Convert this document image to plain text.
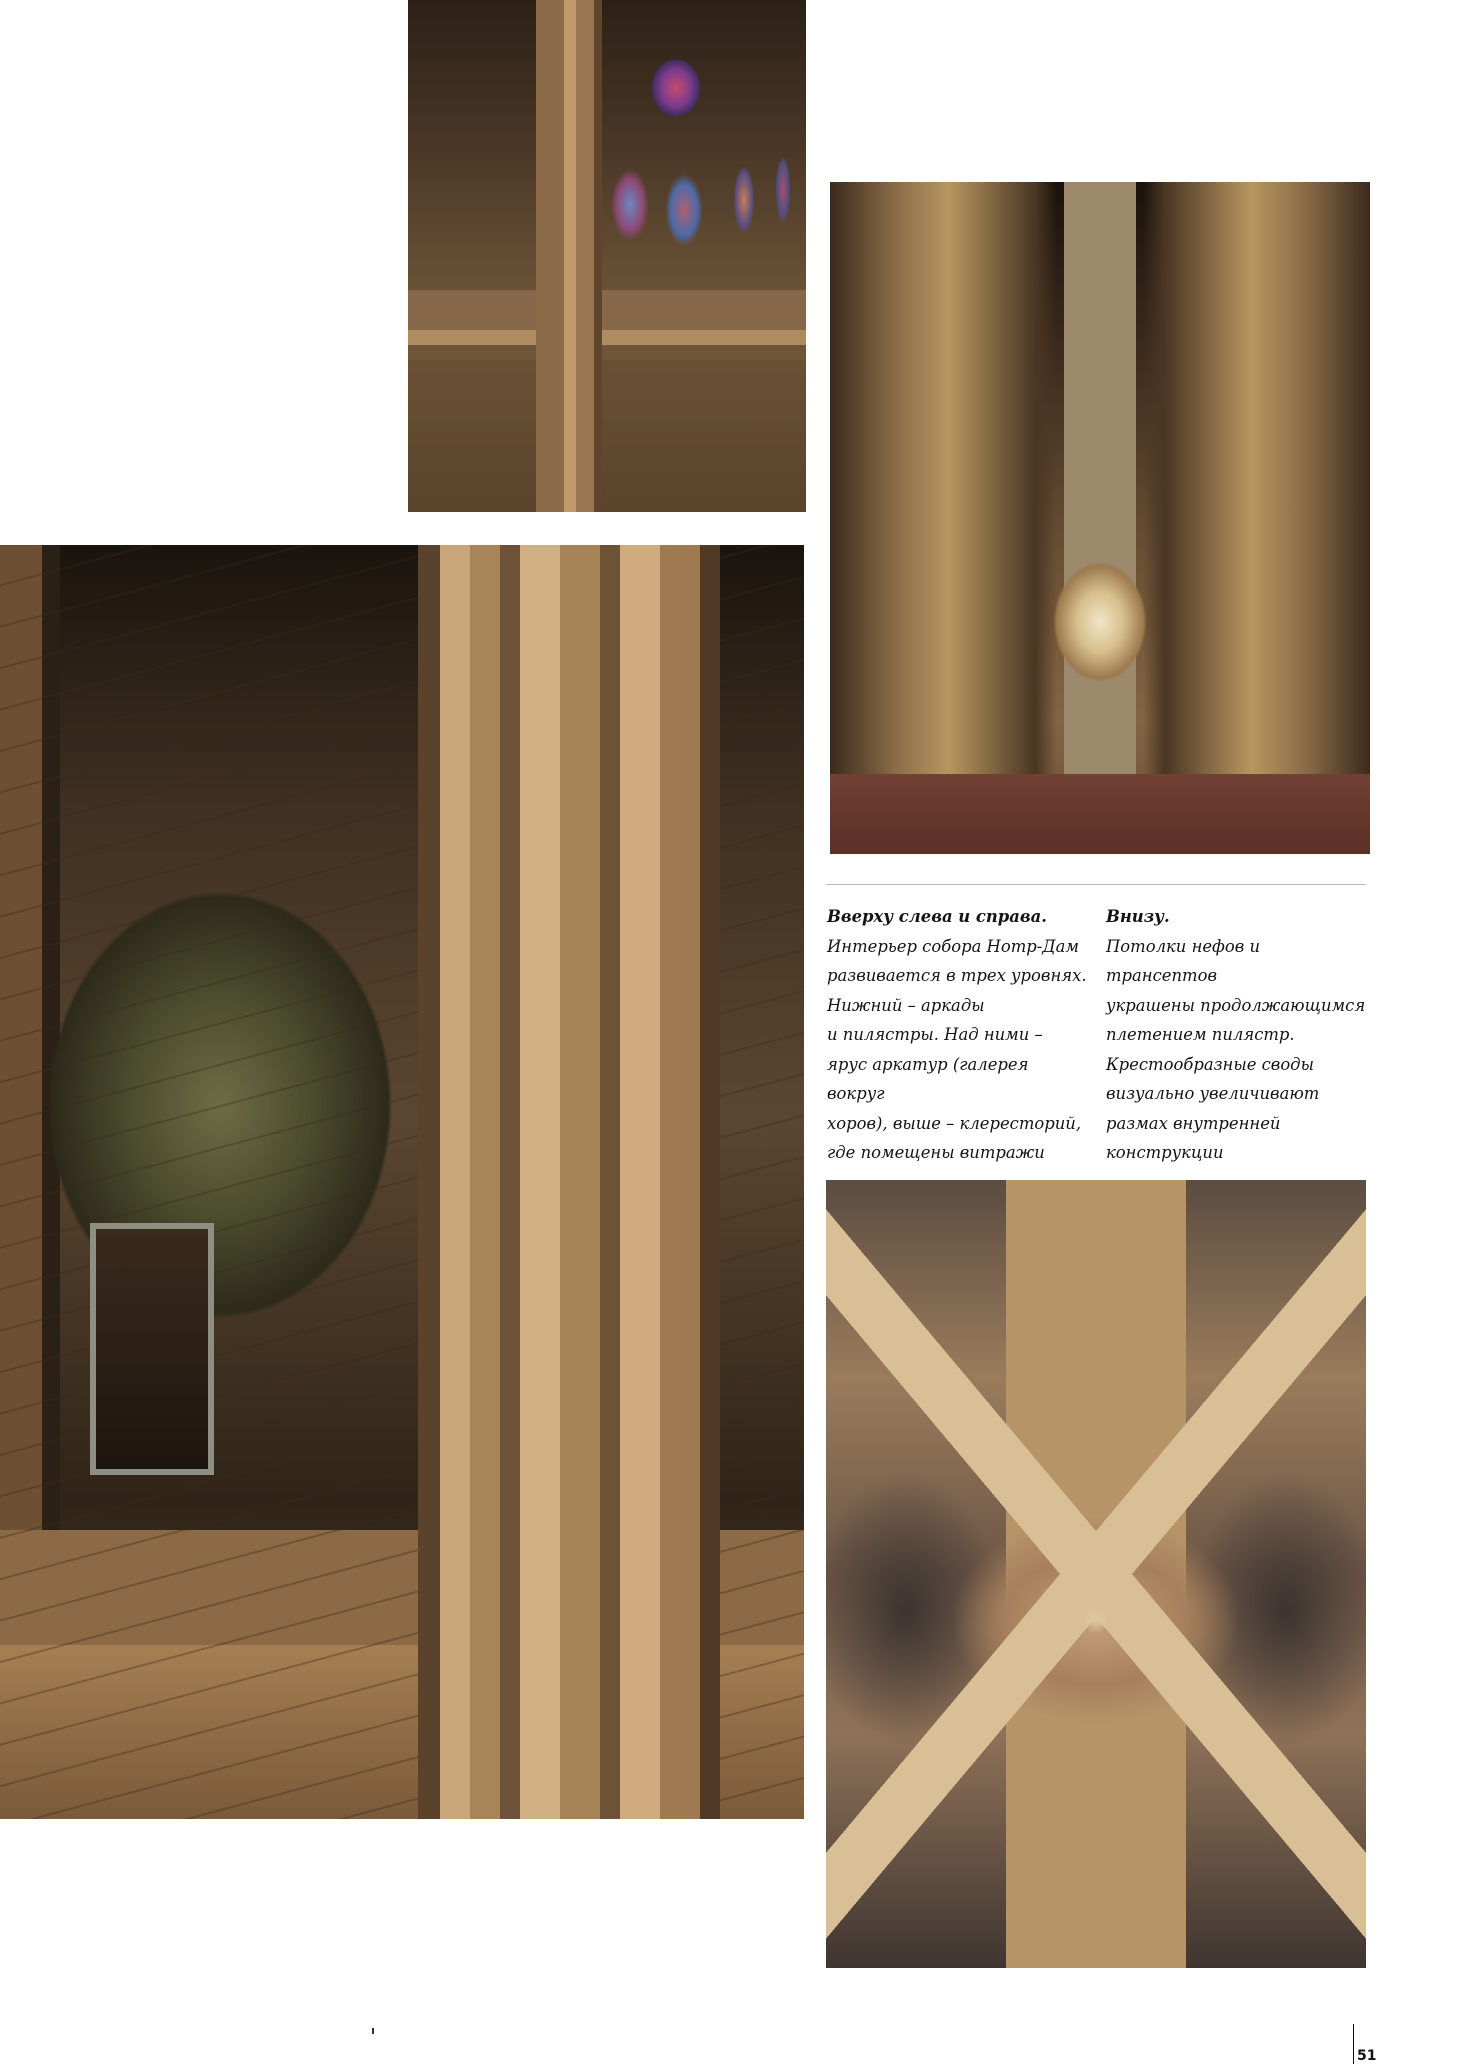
Вверху слева и справа.
Интерьер собора Нотр-Дам
развивается в трех уровнях.
Нижний – аркады
и пилястры. Над ними –
ярус аркатур (галерея вокруг
хоров), выше – клересторий,
где помещены витражи
Внизу.
Потолки нефов и трансептов
украшены продолжающимся
плетением пилястр.
Крестообразные своды
визуально увеличивают
размах внутренней
конструкции
51
